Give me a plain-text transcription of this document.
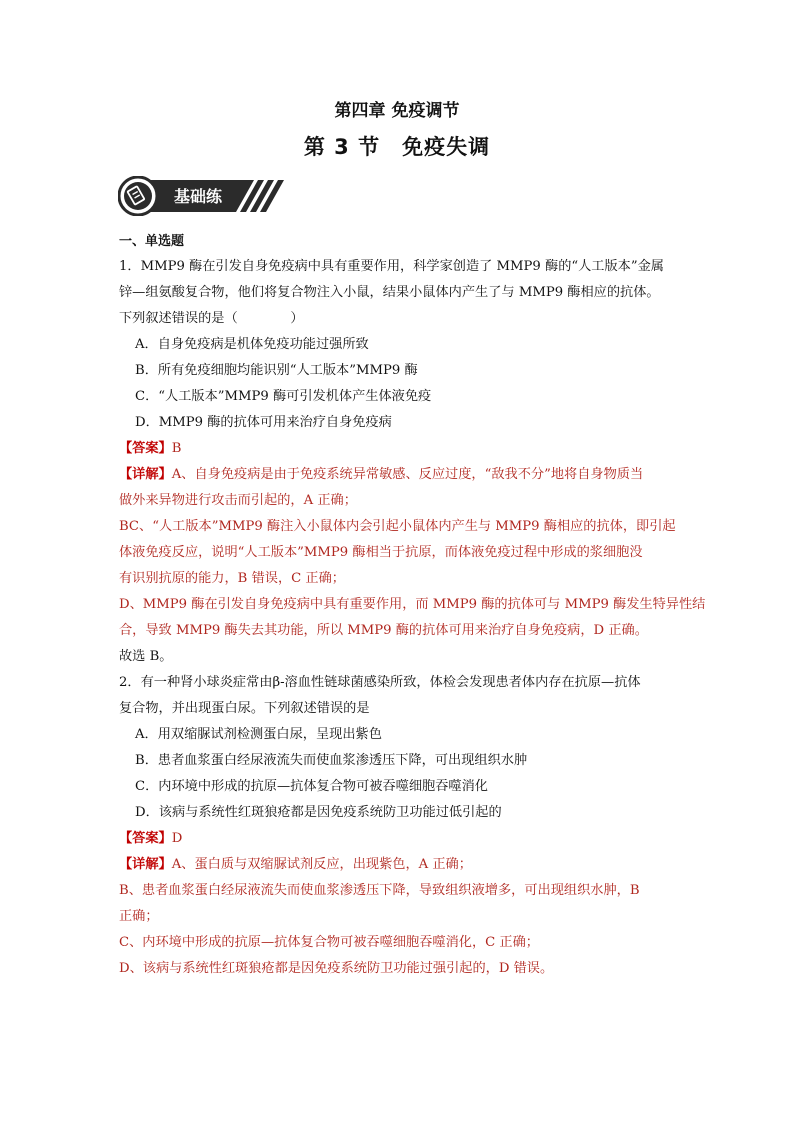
第四章 免疫调节
第 3 节 免疫失调
基础练
一、单选题
1．MMP9 酶在引发自身免疫病中具有重要作用，科学家创造了 MMP9 酶的“人工版本”金属
锌—组氨酸复合物，他们将复合物注入小鼠，结果小鼠体内产生了与 MMP9 酶相应的抗体。
下列叙述错误的是（　　　　）
A．自身免疫病是机体免疫功能过强所致
B．所有免疫细胞均能识别“人工版本”MMP9 酶
C．“人工版本”MMP9 酶可引发机体产生体液免疫
D．MMP9 酶的抗体可用来治疗自身免疫病
【答案】B
【详解】A、自身免疫病是由于免疫系统异常敏感、反应过度，“敌我不分”地将自身物质当
做外来异物进行攻击而引起的，A 正确；
BC、“人工版本”MMP9 酶注入小鼠体内会引起小鼠体内产生与 MMP9 酶相应的抗体，即引起
体液免疫反应，说明“人工版本”MMP9 酶相当于抗原，而体液免疫过程中形成的浆细胞没
有识别抗原的能力，B 错误，C 正确；
D、MMP9 酶在引发自身免疫病中具有重要作用，而 MMP9 酶的抗体可与 MMP9 酶发生特异性结
合，导致 MMP9 酶失去其功能，所以 MMP9 酶的抗体可用来治疗自身免疫病，D 正确。
故选 B。
2．有一种肾小球炎症常由β-溶血性链球菌感染所致，体检会发现患者体内存在抗原—抗体
复合物，并出现蛋白尿。下列叙述错误的是
A．用双缩脲试剂检测蛋白尿，呈现出紫色
B．患者血浆蛋白经尿液流失而使血浆渗透压下降，可出现组织水肿
C．内环境中形成的抗原—抗体复合物可被吞噬细胞吞噬消化
D．该病与系统性红斑狼疮都是因免疫系统防卫功能过低引起的
【答案】D
【详解】A、蛋白质与双缩脲试剂反应，出现紫色，A 正确；
B、患者血浆蛋白经尿液流失而使血浆渗透压下降，导致组织液增多，可出现组织水肿，B
正确；
C、内环境中形成的抗原—抗体复合物可被吞噬细胞吞噬消化，C 正确；
D、该病与系统性红斑狼疮都是因免疫系统防卫功能过强引起的，D 错误。
